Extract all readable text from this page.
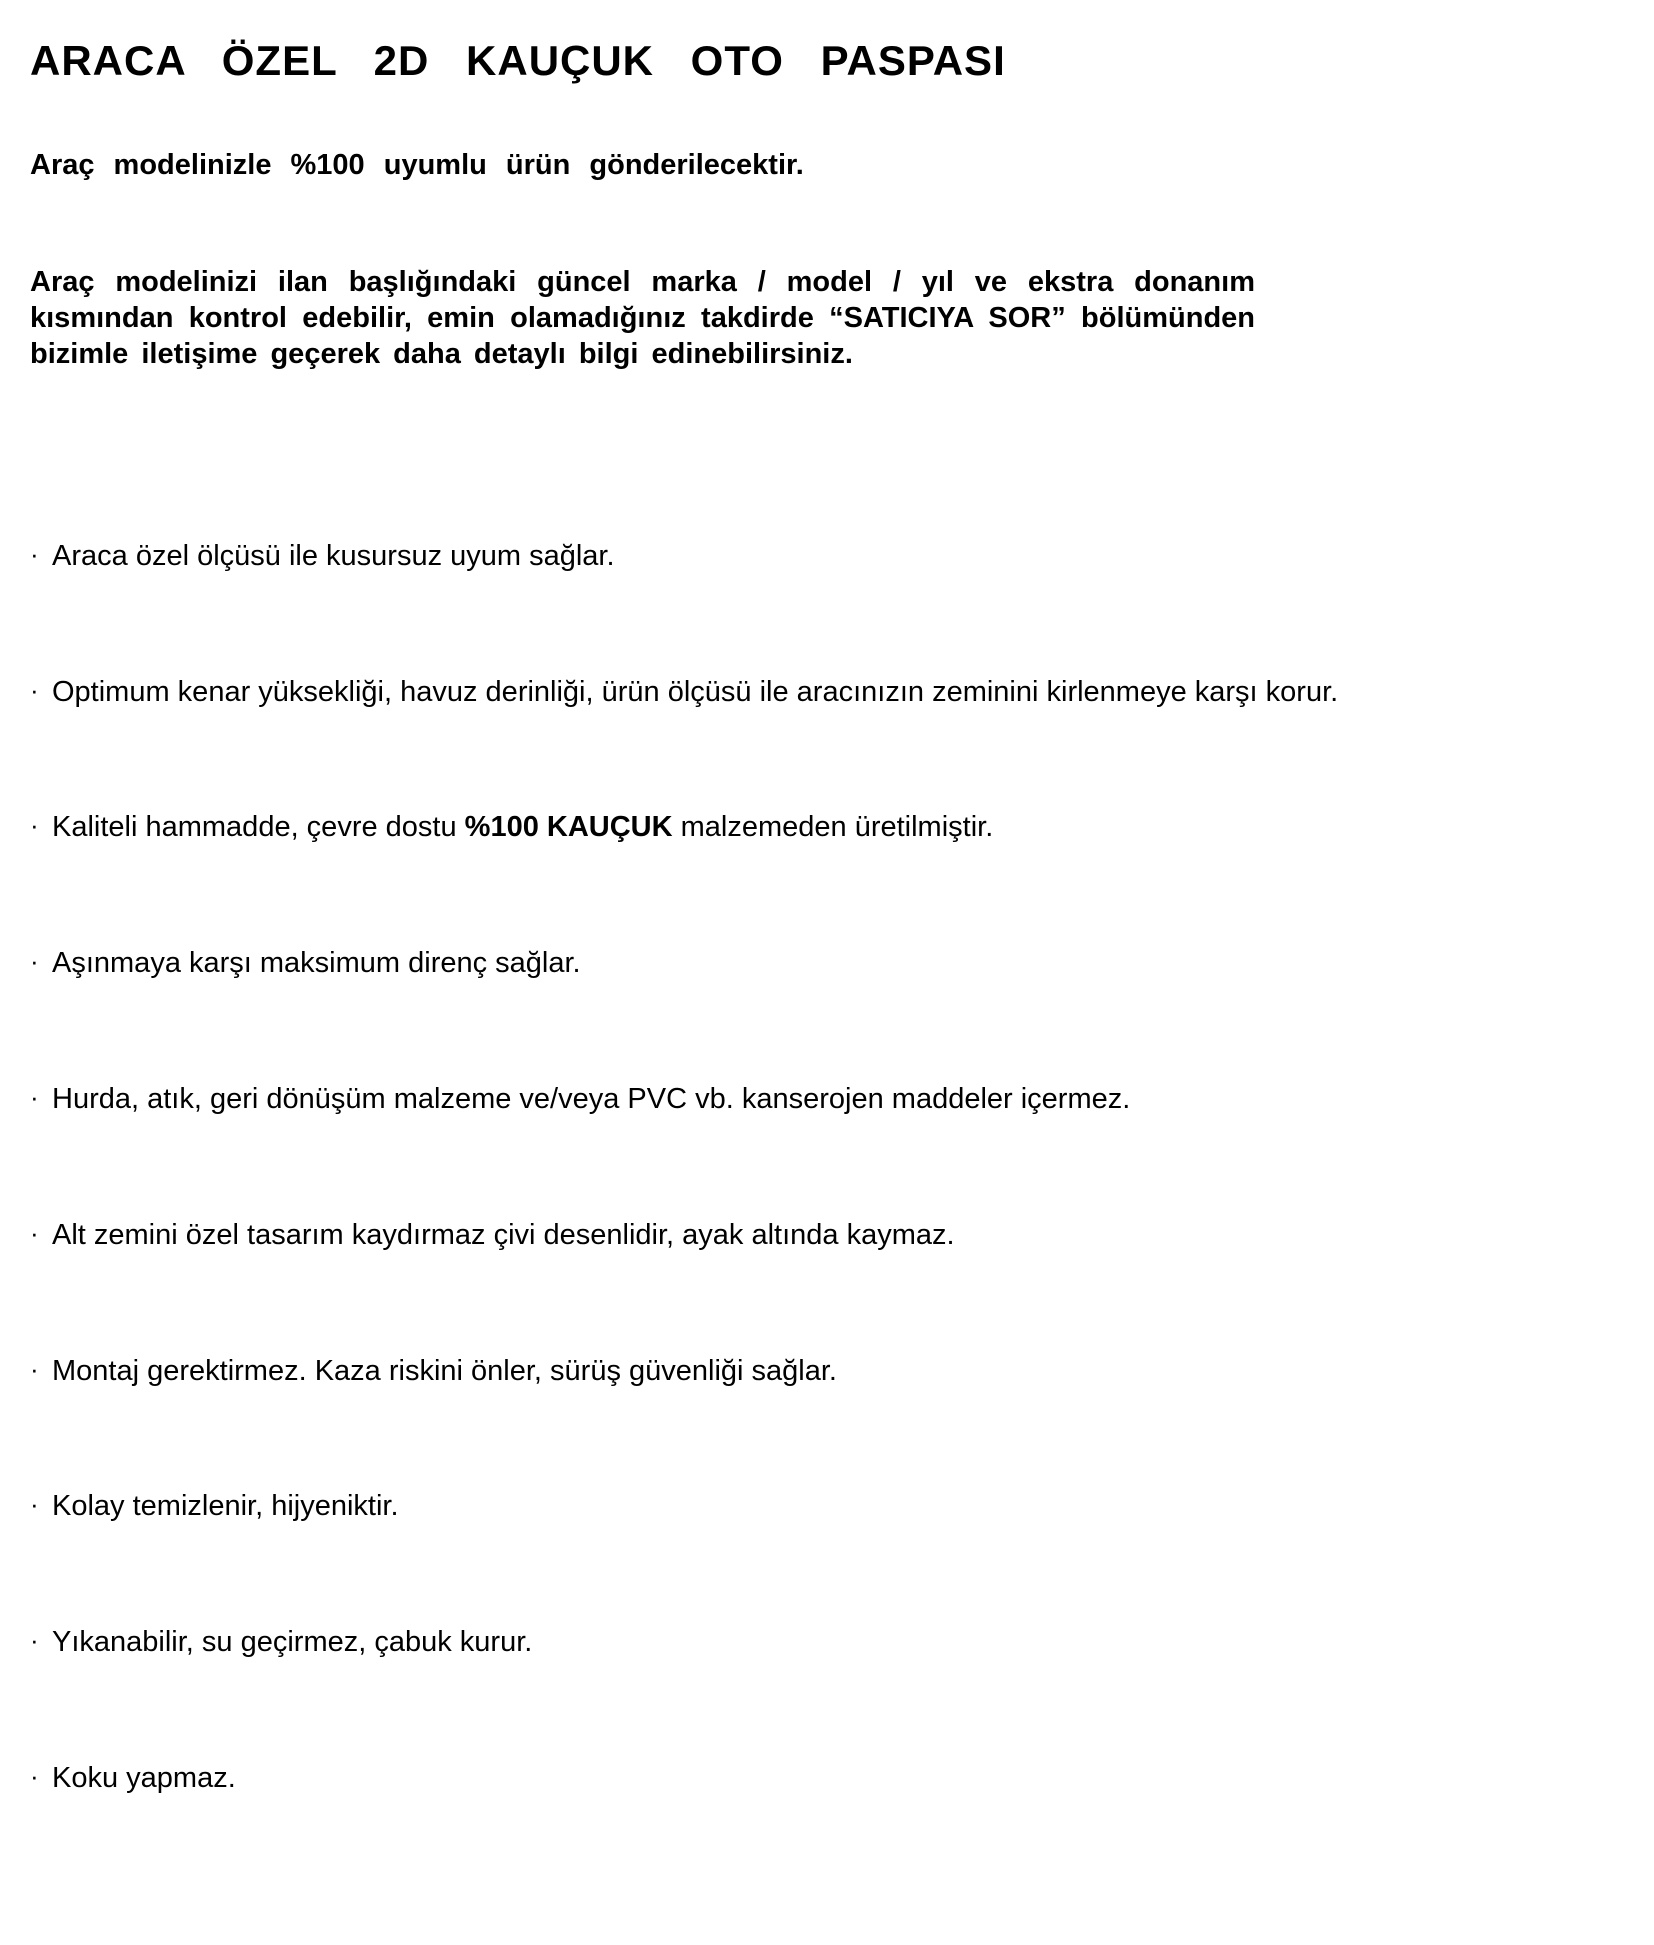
ARACA ÖZEL 2D KAUÇUK OTO PASPASI

Araç modelinizle %100 uyumlu ürün gönderilecektir.

Araç modelinizi ilan başlığındaki güncel marka / model / yıl ve ekstra donanım kısmından kontrol edebilir, emin olamadığınız takdirde “SATICIYA SOR” bölümünden bizimle iletişime geçerek daha detaylı bilgi edinebilirsiniz.

· Araca özel ölçüsü ile kusursuz uyum sağlar.
· Optimum kenar yüksekliği, havuz derinliği, ürün ölçüsü ile aracınızın zeminini kirlenmeye karşı korur.
· Kaliteli hammadde, çevre dostu %100 KAUÇUK malzemeden üretilmiştir.
· Aşınmaya karşı maksimum direnç sağlar.
· Hurda, atık, geri dönüşüm malzeme ve/veya PVC vb. kanserojen maddeler içermez.
· Alt zemini özel tasarım kaydırmaz çivi desenlidir, ayak altında kaymaz.
· Montaj gerektirmez. Kaza riskini önler, sürüş güvenliği sağlar.
· Kolay temizlenir, hijyeniktir.
· Yıkanabilir, su geçirmez, çabuk kurur.
· Koku yapmaz.
